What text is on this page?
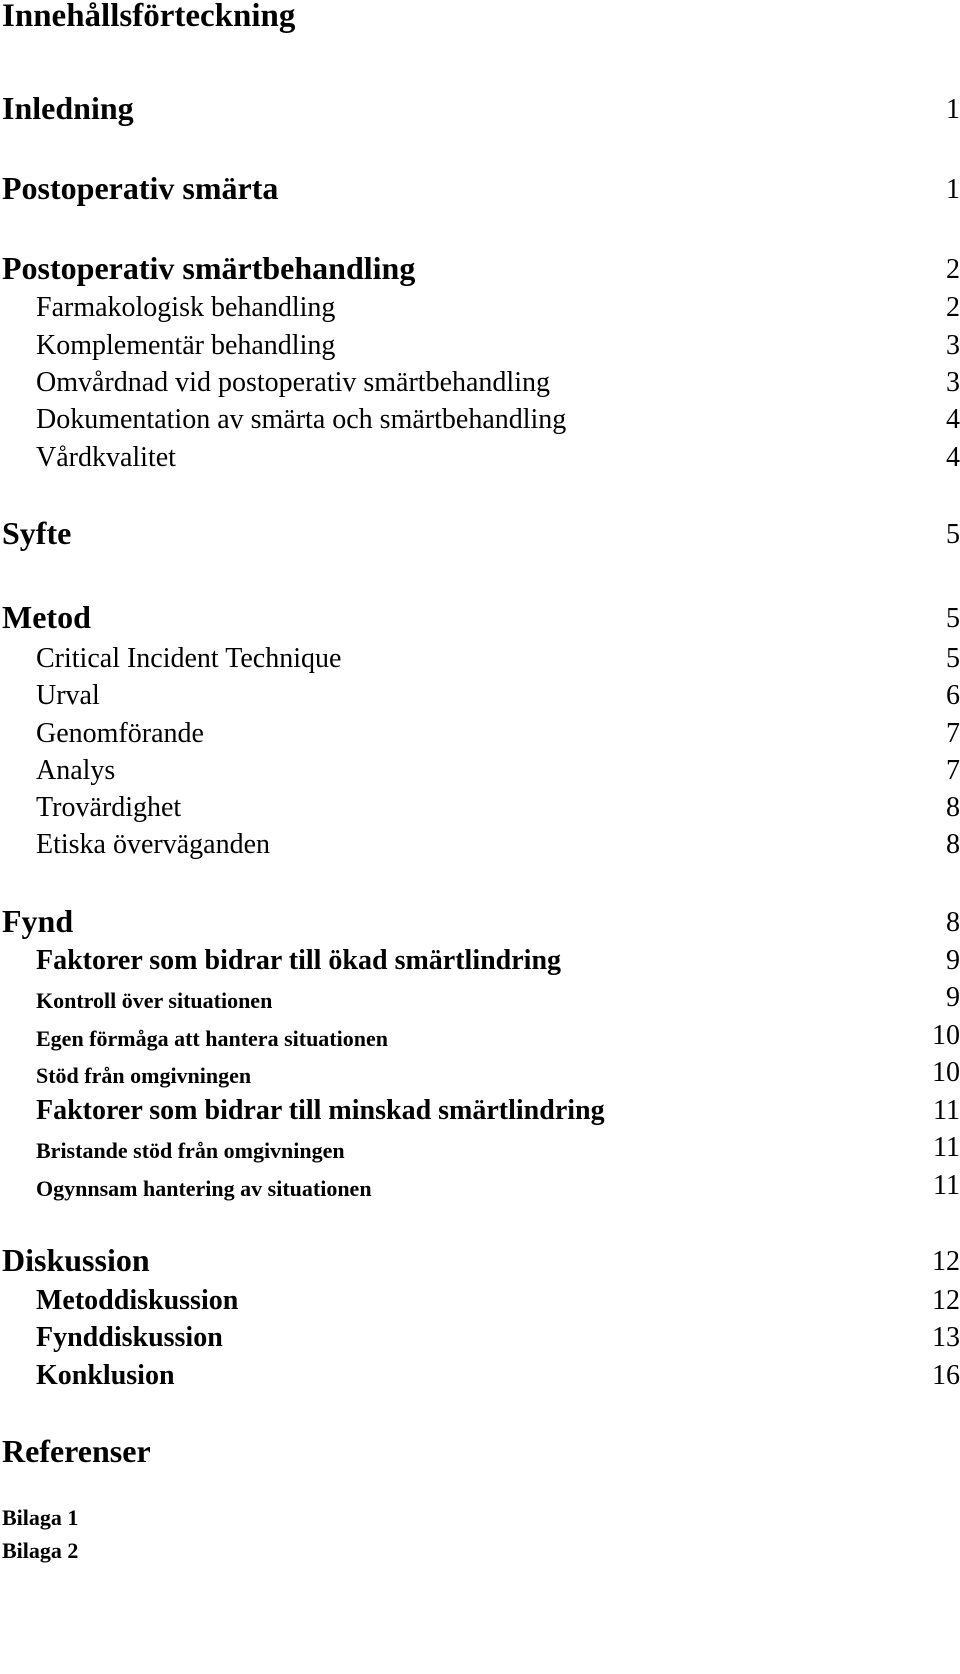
Innehållsförteckning
Inledning	1
Postoperativ smärta	1
Postoperativ smärtbehandling	2
Farmakologisk behandling	2
Komplementär behandling	3
Omvårdnad vid postoperativ smärtbehandling	3
Dokumentation av smärta och smärtbehandling	4
Vårdkvalitet	4
Syfte	5
Metod	5
Critical Incident Technique	5
Urval	6
Genomförande	7
Analys	7
Trovärdighet	8
Etiska överväganden	8
Fynd	8
Faktorer som bidrar till ökad smärtlindring	9
Kontroll över situationen	9
Egen förmåga att hantera situationen	10
Stöd från omgivningen	10
Faktorer som bidrar till minskad smärtlindring	11
Bristande stöd från omgivningen	11
Ogynnsam hantering av situationen	11
Diskussion	12
Metoddiskussion	12
Fynddiskussion	13
Konklusion	16
Referenser
Bilaga 1
Bilaga 2
